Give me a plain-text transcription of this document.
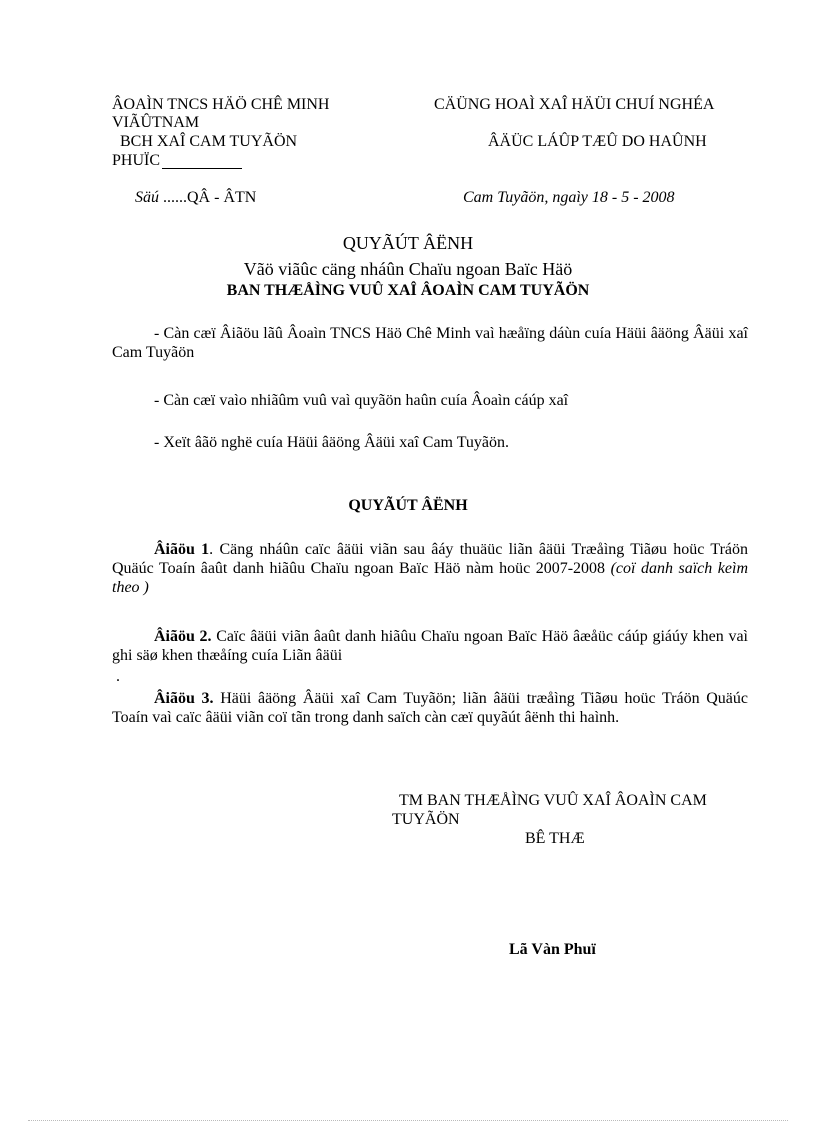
ÂOAÌN TNCS HÄÖ CHÊ MINH	CÄÜNG HOAÌ XAÎ HÄÜI CHUÍ NGHÉA
VIÃÛTNAM
BCH XAÎ CAM TUYÃÖN	ÂÄÜC LÁÛP TÆÛ DO HAÛNH
PHUÏC
Säú ......QÂ - ÂTN	Cam Tuyãön, ngaìy 18 - 5 - 2008
QUYÃÚT ÂËNH
Vãö viãûc cäng nháûn Chaïu ngoan Baïc Häö
BAN THÆÅÌNG VUÛ XAÎ ÂOAÌN CAM TUYÃÖN
- Càn cæï Âiãöu lãû Âoaìn TNCS Häö Chê Minh vaì hæåïng dáùn cuía Häüi âäöng Âäüi xaî Cam Tuyãön
- Càn cæï vaìo nhiãûm vuû vaì quyãön haûn cuía Âoaìn cáúp xaî
- Xeït âãö nghë cuía Häüi âäöng Âäüi xaî Cam Tuyãön.
QUYÃÚT ÂËNH
Âiãöu 1. Cäng nháûn caïc âäüi viãn sau âáy thuäüc liãn âäüi Træåìng Tiãøu hoüc Tráön Quäúc Toaín âaût danh hiãûu Chaïu ngoan Baïc Häö nàm hoüc 2007-2008 (coï danh saïch keìm theo )
Âiãöu 2. Caïc âäüi viãn âaût danh hiãûu Chaïu ngoan Baïc Häö âæåüc cáúp giáúy khen vaì ghi säø khen thæåíng cuía Liãn âäüi
.
Âiãöu 3. Häüi âäöng Âäüi xaî Cam Tuyãön; liãn âäüi træåìng Tiãøu hoüc Tráön Quäúc Toaín vaì caïc âäüi viãn coï tãn trong danh saïch càn cæï quyãút âënh thi haình.
TM BAN THÆÅÌNG VUÛ XAÎ ÂOAÌN CAM
TUYÃÖN
BÊ THÆ
Lã Vàn Phuï
